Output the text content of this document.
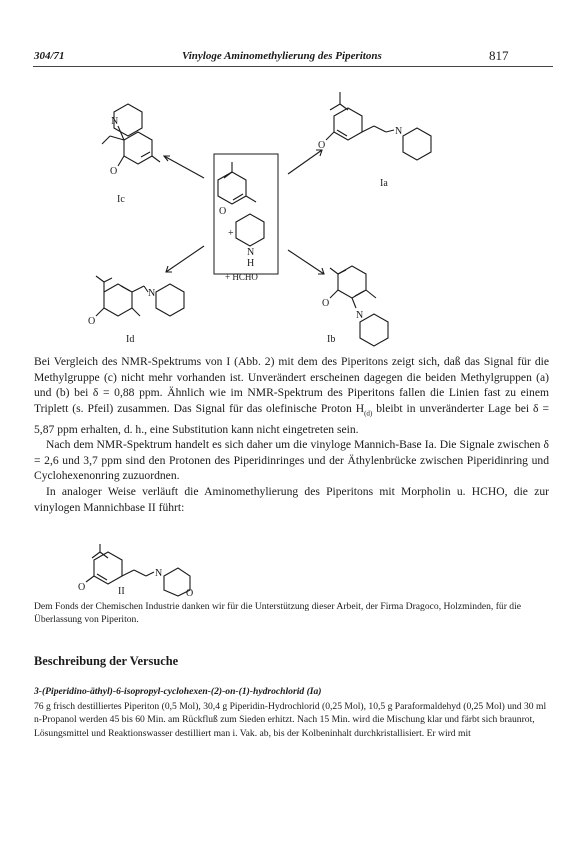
304/71	Vinyloge Aminomethylierung des Piperitons	817
N
O
Ic
O
N
Ia
O
+
N
H
+ HCHO
O
N
Id
O
N
Ib

Bei Vergleich des NMR-Spektrums von I (Abb. 2) mit dem des Piperitons zeigt sich, daß das Signal für die Methylgruppe (c) nicht mehr vorhanden ist. Unverändert erscheinen dagegen die beiden Methylgruppen (a) und (b) bei δ = 0,88 ppm. Ähnlich wie im NMR-Spektrum des Piperitons fallen die Linien fast zu einem Triplett (s. Pfeil) zusammen. Das Signal für das olefinische Proton $H_{(d)}$ bleibt in unveränderter Lage bei δ = 5,87 ppm erhalten, d. h., eine Substitution kann nicht eingetreten sein.

Nach dem NMR-Spektrum handelt es sich daher um die vinyloge Mannich-Base Ia. Die Signale zwischen δ = 2,6 und 3,7 ppm sind den Protonen des Piperidinringes und der Äthylenbrücke zwischen Piperidinring und Cyclohexenonring zuzuordnen.

In analoger Weise verläuft die Aminomethylierung des Piperitons mit Morpholin u. HCHO, die zur vinylogen Mannichbase II führt:

O
N
O
II

Dem Fonds der Chemischen Industrie danken wir für die Unterstützung dieser Arbeit, der Firma Dragoco, Holzminden, für die Überlassung von Piperiton.

Beschreibung der Versuche
3-(Piperidino-äthyl)-6-isopropyl-cyclohexen-(2)-on-(1)-hydrochlorid (Ia)

76 g frisch destilliertes Piperiton (0,5 Mol), 30,4 g Piperidin-Hydrochlorid (0,25 Mol), 10,5 g Paraformaldehyd (0,25 Mol) und 30 ml n-Propanol werden 45 bis 60 Min. am Rückfluß zum Sieden erhitzt. Nach 15 Min. wird die Mischung klar und färbt sich braunrot, Lösungsmittel und Reaktionswasser destilliert man i. Vak. ab, bis der Kolbeninhalt durchkristallisiert. Er wird mit
